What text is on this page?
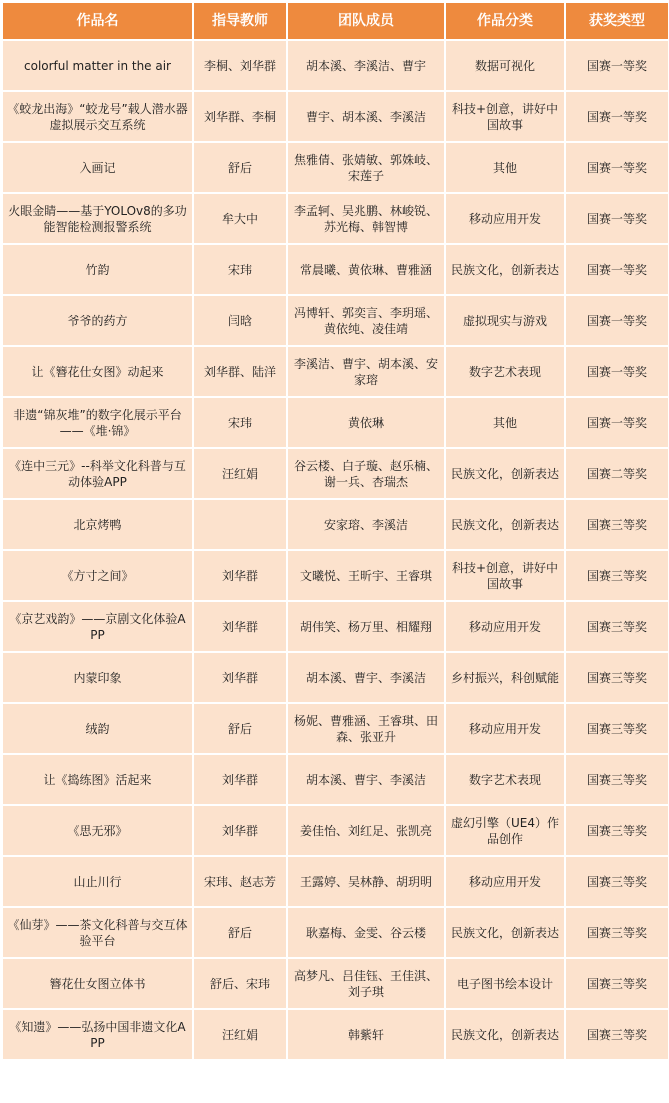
作品名	指导教师	团队成员	作品分类	获奖类型
colorful matter in the air	李桐、刘华群	胡本溪、李溪洁、曹宇	数据可视化	国赛一等奖
《蛟龙出海》“蛟龙号”载人潜水器虚拟展示交互系统	刘华群、李桐	曹宇、胡本溪、李溪洁	科技+创意，讲好中国故事	国赛一等奖
入画记	舒后	焦雅倩、张婧敏、郭姝岐、宋莲子	其他	国赛一等奖
火眼金睛——基于YOLOv8的多功能智能检测报警系统	牟大中	李孟轲、吴兆鹏、林峻锐、苏光梅、韩智博	移动应用开发	国赛一等奖
竹韵	宋玮	常晨曦、黄依琳、曹雅涵	民族文化，创新表达	国赛一等奖
爷爷的药方	闫晗	冯博轩、郭奕言、李玥瑶、黄依纯、凌佳靖	虚拟现实与游戏	国赛一等奖
让《簪花仕女图》动起来	刘华群、陆洋	李溪洁、曹宇、胡本溪、安家瑢	数字艺术表现	国赛一等奖
非遗“锦灰堆”的数字化展示平台——《堆·锦》	宋玮	黄依琳	其他	国赛一等奖
《连中三元》--科举文化科普与互动体验APP	汪红娟	谷云楼、白子璇、赵乐楠、谢一兵、杏瑞杰	民族文化，创新表达	国赛二等奖
北京烤鸭		安家瑢、李溪洁	民族文化，创新表达	国赛三等奖
《方寸之间》	刘华群	文曦悦、王昕宇、王睿琪	科技+创意，讲好中国故事	国赛三等奖
《京艺戏韵》——京剧文化体验APP	刘华群	胡伟笑、杨万里、相耀翔	移动应用开发	国赛三等奖
内蒙印象	刘华群	胡本溪、曹宇、李溪洁	乡村振兴，科创赋能	国赛三等奖
绒韵	舒后	杨妮、曹雅涵、王睿琪、田森、张亚升	移动应用开发	国赛三等奖
让《捣练图》活起来	刘华群	胡本溪、曹宇、李溪洁	数字艺术表现	国赛三等奖
《思无邪》	刘华群	姜佳怡、刘红足、张凯亮	虚幻引擎（UE4）作品创作	国赛三等奖
山止川行	宋玮、赵志芳	王露婷、吴林静、胡玥明	移动应用开发	国赛三等奖
《仙芽》——茶文化科普与交互体验平台	舒后	耿嘉梅、金雯、谷云楼	民族文化，创新表达	国赛三等奖
簪花仕女图立体书	舒后、宋玮	高梦凡、吕佳钰、王佳淇、刘子琪	电子图书绘本设计	国赛三等奖
《知遗》——弘扬中国非遗文化APP	汪红娟	韩紫轩	民族文化，创新表达	国赛三等奖
